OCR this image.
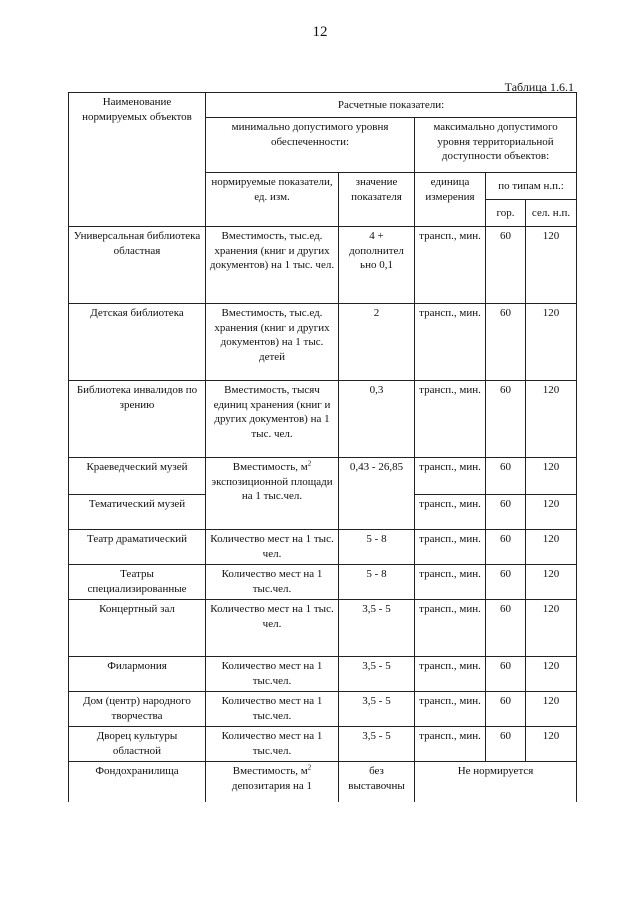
12
Таблица 1.6.1
Наименование нормируемых объектов	Расчетные показатели:				
	минимально допустимого уровня обеспеченности:		максимально допустимого уровня территориальной доступности объектов:		
	нормируемые показатели, ед. изм.	значение показателя	единица измерения	по типам н.п.:	
				гор.	сел. н.п.
Универсальная библиотека областная	Вместимость, тыс.ед. хранения (книг и других документов) на 1 тыс. чел.	4 + дополнител ьно 0,1	трансп., мин.	60	120
Детская библиотека	Вместимость, тыс.ед. хранения (книг и других документов) на 1 тыс. детей	2	трансп., мин.	60	120
Библиотека инвалидов по зрению	Вместимость, тысяч единиц хранения (книг и других документов) на 1 тыс. чел.	0,3	трансп., мин.	60	120
Краеведческий музей	Вместимость, $м^2$ экспозиционной площади на 1 тыс.чел.	0,43 - 26,85	трансп., мин.	60	120
Тематический музей			трансп., мин.	60	120
Театр драматический	Количество мест на 1 тыс. чел.	5 - 8	трансп., мин.	60	120
Театры специализированные	Количество мест на 1 тыс.чел.	5 - 8	трансп., мин.	60	120
Концертный зал	Количество мест на 1 тыс. чел.	3,5 - 5	трансп., мин.	60	120
Филармония	Количество мест на 1 тыс.чел.	3,5 - 5	трансп., мин.	60	120
Дом (центр) народного творчества	Количество мест на 1 тыс.чел.	3,5 - 5	трансп., мин.	60	120
Дворец культуры областной	Количество мест на 1 тыс.чел.	3,5 - 5	трансп., мин.	60	120
Фондохранилища	Вместимость, $м^2$ депозитария на 1	без выставочны	Не нормируется		
